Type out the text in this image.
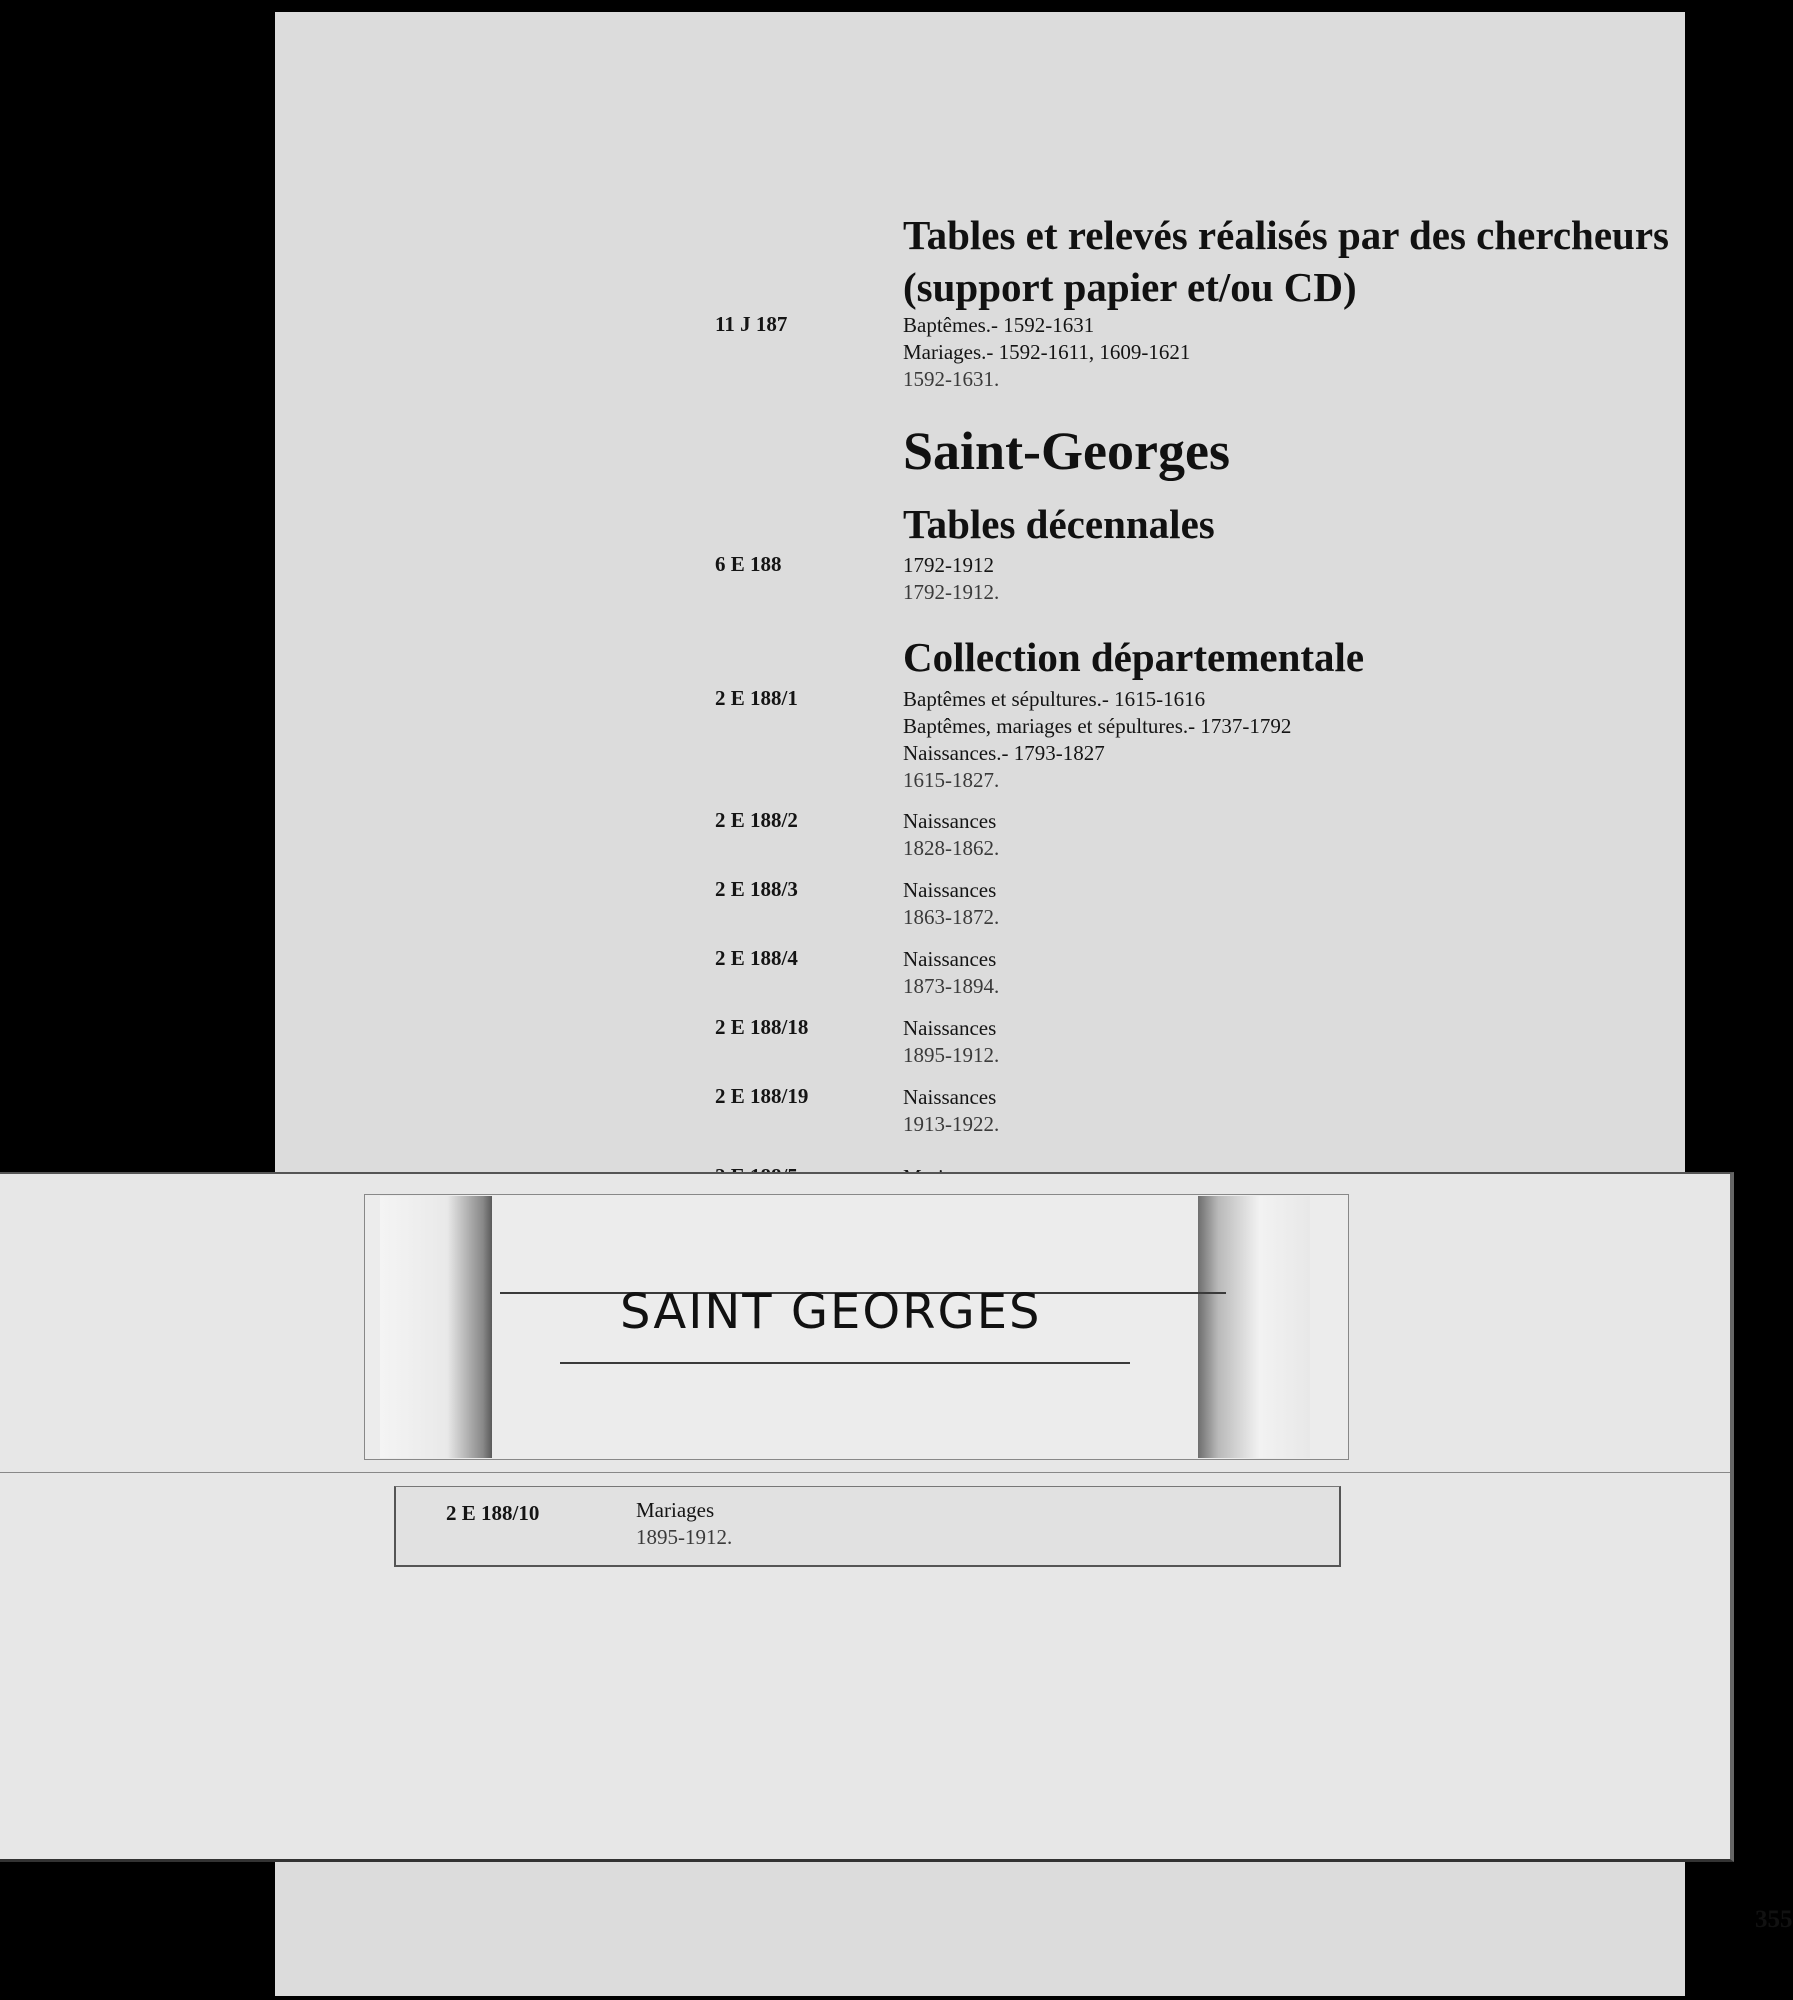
Tables et relevés réalisés par des chercheurs
(support papier et/ou CD)
11 J 187	Baptêmes.- 1592-1631
Mariages.- 1592-1611, 1609-1621
1592-1631.
Saint-Georges
Tables décennales
6 E 188	1792-1912
1792-1912.
Collection départementale
2 E 188/1	Baptêmes et sépultures.- 1615-1616
Baptêmes, mariages et sépultures.- 1737-1792
Naissances.- 1793-1827
1615-1827.
2 E 188/2	Naissances
1828-1862.
2 E 188/3	Naissances
1863-1872.
2 E 188/4	Naissances
1873-1894.
2 E 188/18	Naissances
1895-1912.
2 E 188/19	Naissances
1913-1922.
355
SAINT GEORGES
2 E 188/10	Mariages
1895-1912.
